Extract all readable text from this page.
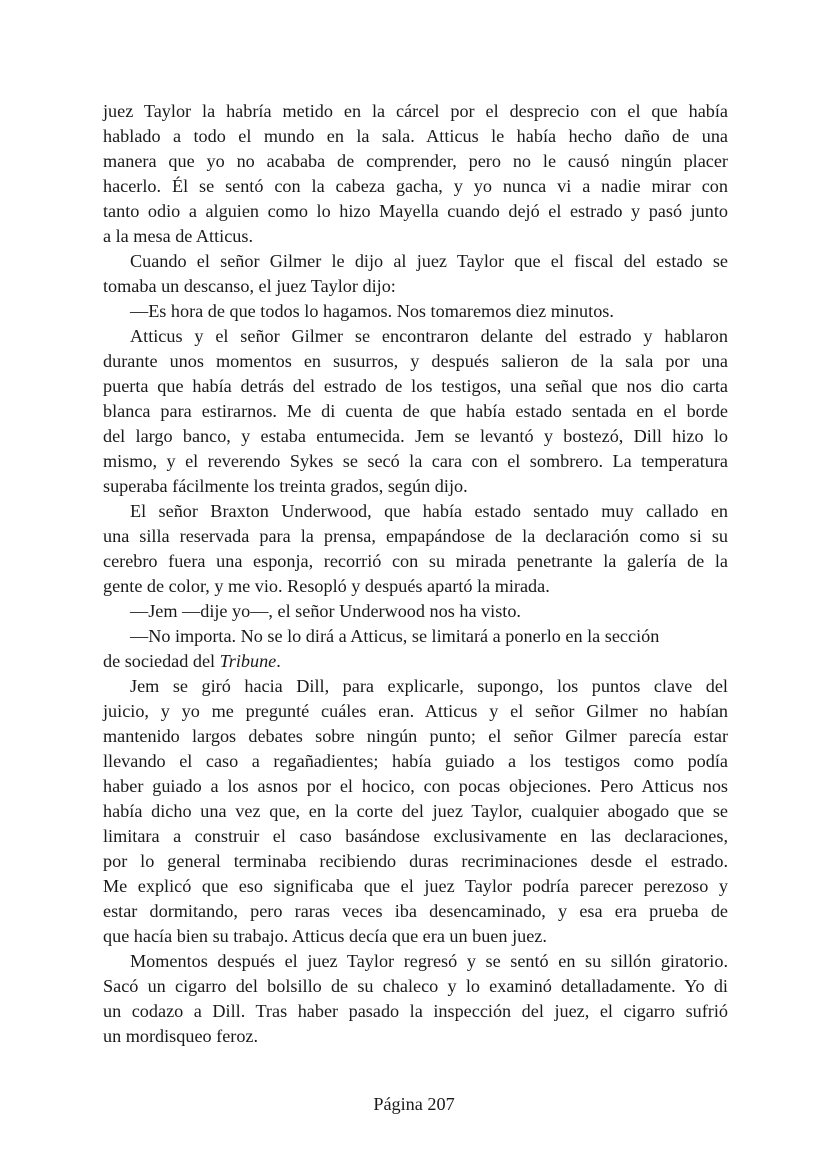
juez Taylor la habría metido en la cárcel por el desprecio con el que había
hablado a todo el mundo en la sala. Atticus le había hecho daño de una
manera que yo no acababa de comprender, pero no le causó ningún placer
hacerlo. Él se sentó con la cabeza gacha, y yo nunca vi a nadie mirar con
tanto odio a alguien como lo hizo Mayella cuando dejó el estrado y pasó junto
a la mesa de Atticus.
Cuando el señor Gilmer le dijo al juez Taylor que el fiscal del estado se
tomaba un descanso, el juez Taylor dijo:
—Es hora de que todos lo hagamos. Nos tomaremos diez minutos.
Atticus y el señor Gilmer se encontraron delante del estrado y hablaron
durante unos momentos en susurros, y después salieron de la sala por una
puerta que había detrás del estrado de los testigos, una señal que nos dio carta
blanca para estirarnos. Me di cuenta de que había estado sentada en el borde
del largo banco, y estaba entumecida. Jem se levantó y bostezó, Dill hizo lo
mismo, y el reverendo Sykes se secó la cara con el sombrero. La temperatura
superaba fácilmente los treinta grados, según dijo.
El señor Braxton Underwood, que había estado sentado muy callado en
una silla reservada para la prensa, empapándose de la declaración como si su
cerebro fuera una esponja, recorrió con su mirada penetrante la galería de la
gente de color, y me vio. Resopló y después apartó la mirada.
—Jem —dije yo—, el señor Underwood nos ha visto.
—No importa. No se lo dirá a Atticus, se limitará a ponerlo en la sección
de sociedad del Tribune.
Jem se giró hacia Dill, para explicarle, supongo, los puntos clave del
juicio, y yo me pregunté cuáles eran. Atticus y el señor Gilmer no habían
mantenido largos debates sobre ningún punto; el señor Gilmer parecía estar
llevando el caso a regañadientes; había guiado a los testigos como podía
haber guiado a los asnos por el hocico, con pocas objeciones. Pero Atticus nos
había dicho una vez que, en la corte del juez Taylor, cualquier abogado que se
limitara a construir el caso basándose exclusivamente en las declaraciones,
por lo general terminaba recibiendo duras recriminaciones desde el estrado.
Me explicó que eso significaba que el juez Taylor podría parecer perezoso y
estar dormitando, pero raras veces iba desencaminado, y esa era prueba de
que hacía bien su trabajo. Atticus decía que era un buen juez.
Momentos después el juez Taylor regresó y se sentó en su sillón giratorio.
Sacó un cigarro del bolsillo de su chaleco y lo examinó detalladamente. Yo di
un codazo a Dill. Tras haber pasado la inspección del juez, el cigarro sufrió
un mordisqueo feroz.
Página 207
